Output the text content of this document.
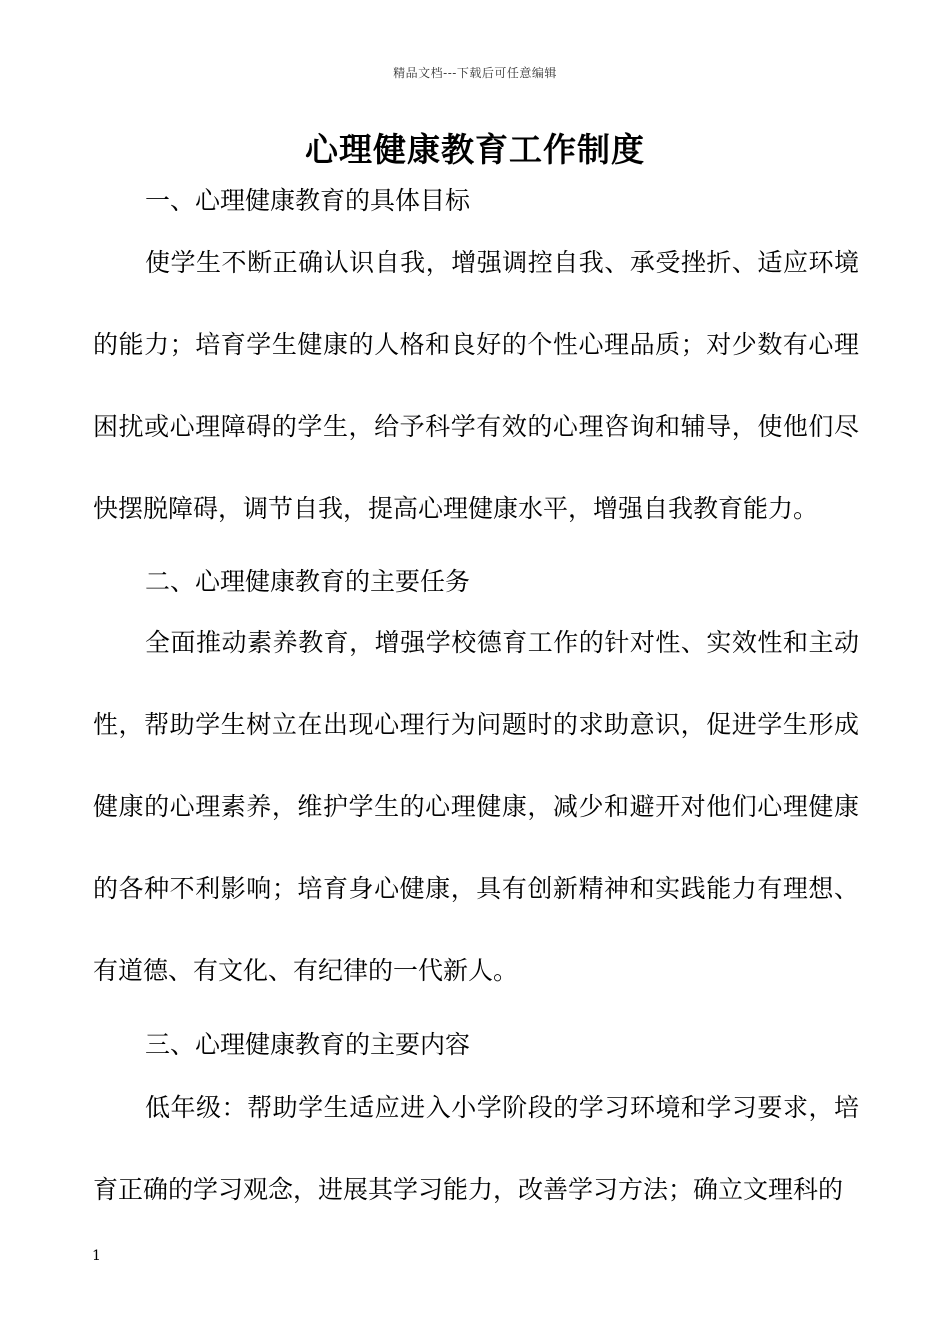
精品文档---下载后可任意编辑
心理健康教育工作制度
一、心理健康教育的具体目标

使学生不断正确认识自我，增强调控自我、承受挫折、适应环境的能力；培育学生健康的人格和良好的个性心理品质；对少数有心理困扰或心理障碍的学生，给予科学有效的心理咨询和辅导，使他们尽快摆脱障碍，调节自我，提高心理健康水平，增强自我教育能力。

二、心理健康教育的主要任务

全面推动素养教育，增强学校德育工作的针对性、实效性和主动性，帮助学生树立在出现心理行为问题时的求助意识，促进学生形成健康的心理素养，维护学生的心理健康，减少和避开对他们心理健康的各种不利影响；培育身心健康，具有创新精神和实践能力有理想、有道德、有文化、有纪律的一代新人。

三、心理健康教育的主要内容

低年级：帮助学生适应进入小学阶段的学习环境和学习要求，培育正确的学习观念，进展其学习能力，改善学习方法；确立文理科的

1
